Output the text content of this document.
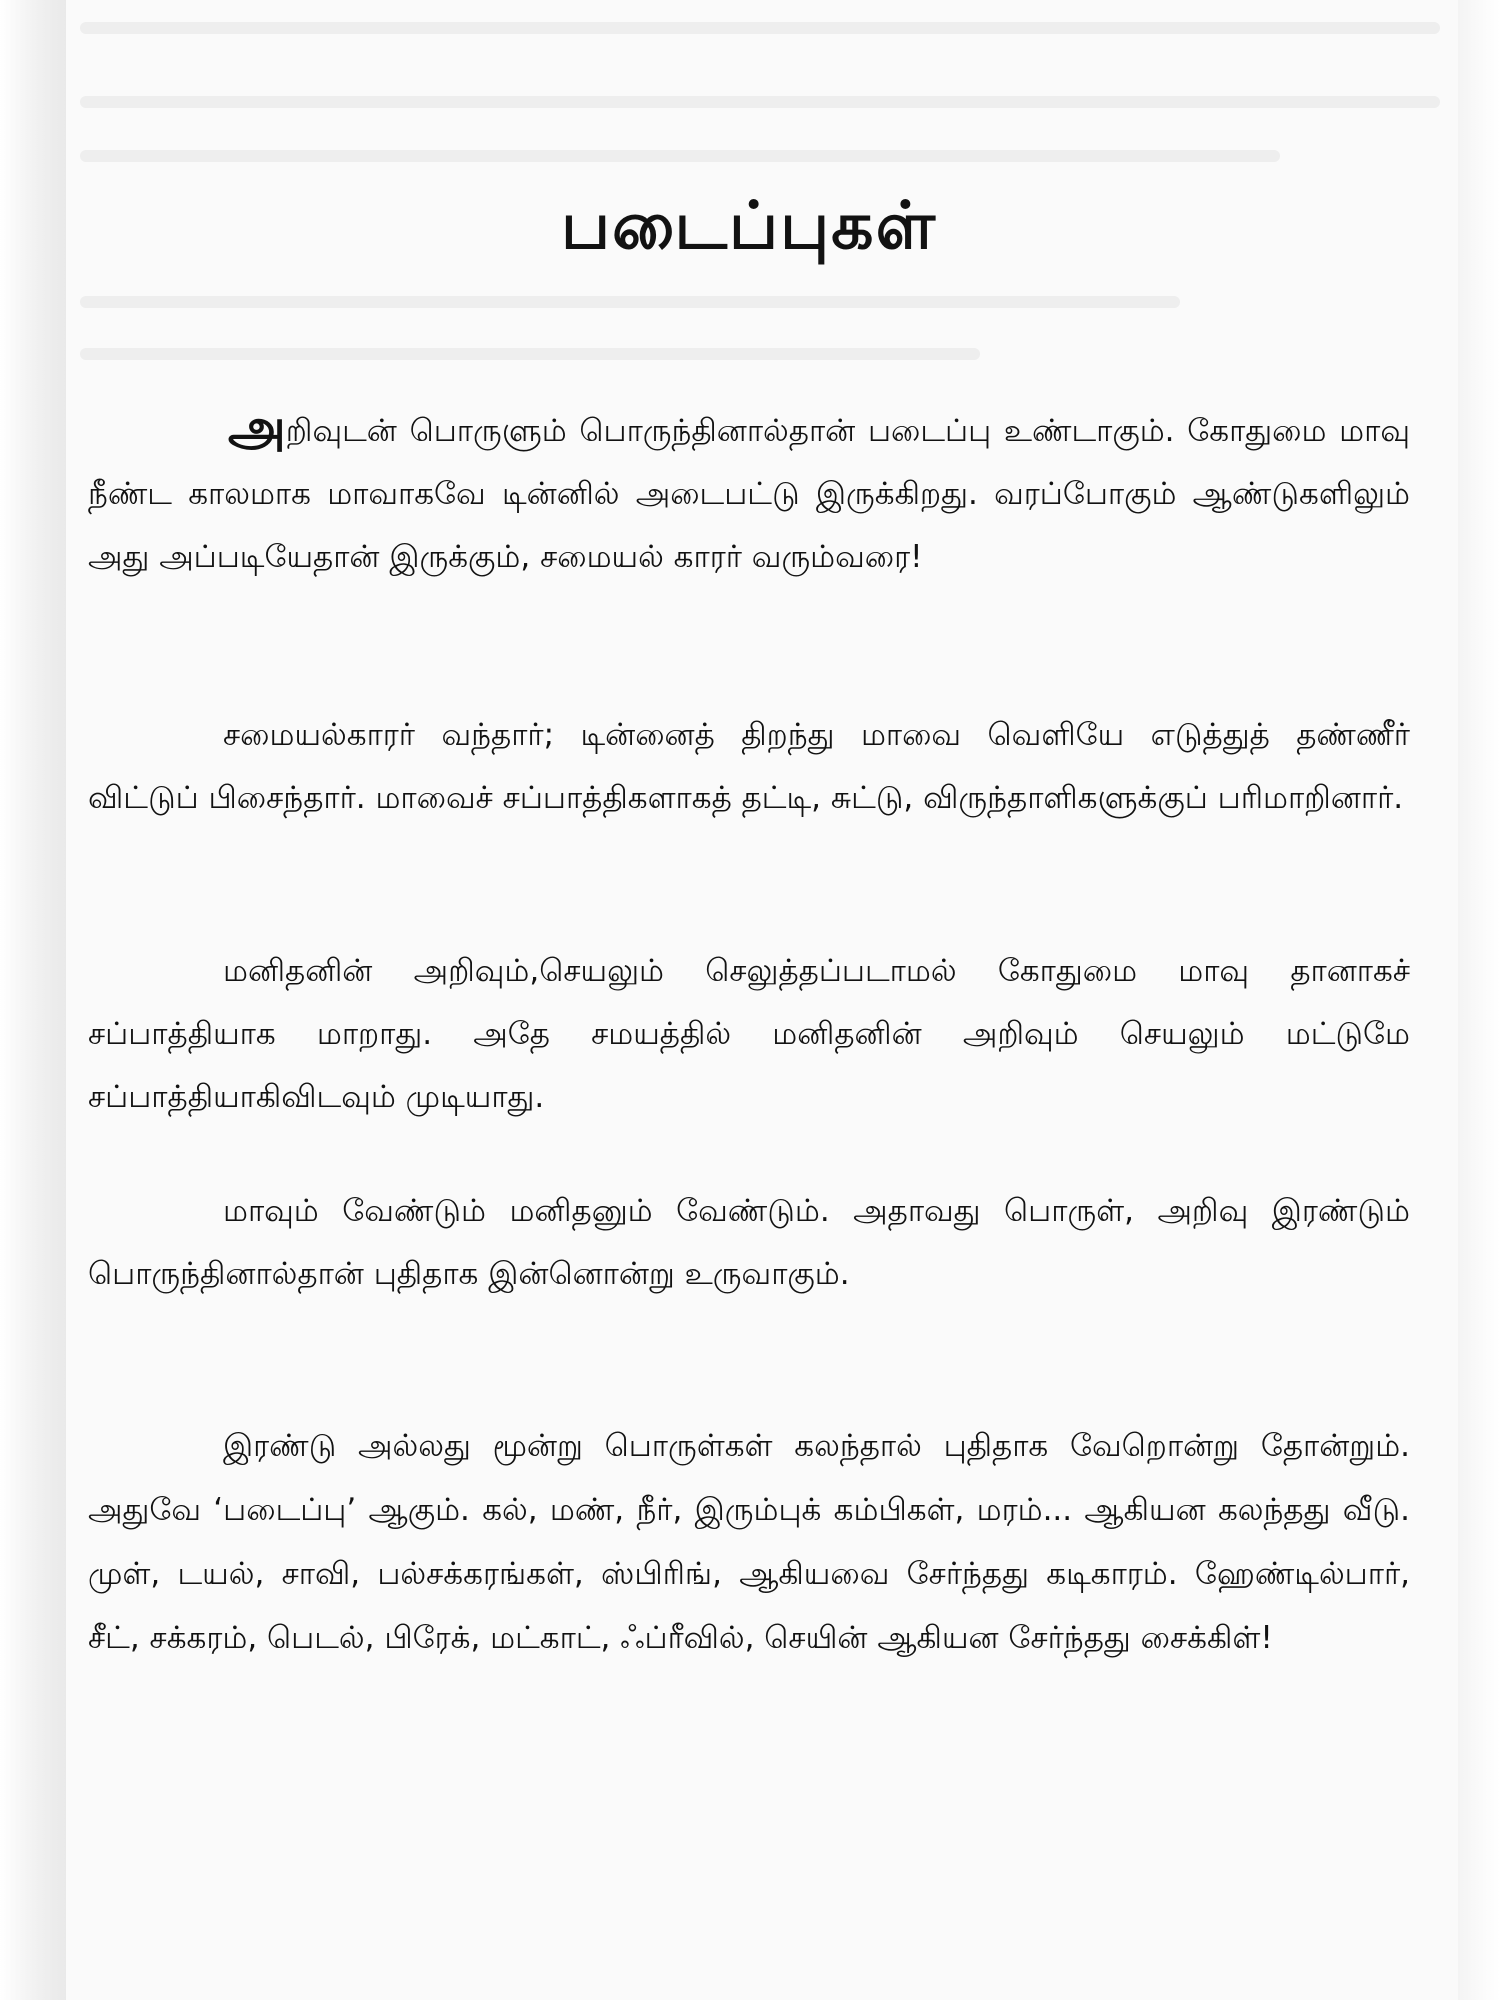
படைப்புகள்

அறிவுடன் பொருளும் பொருந்தினால்தான் படைப்பு உண்டாகும். கோதுமை மாவு நீண்ட காலமாக மாவாகவே டின்னில் அடைபட்டு இருக்கிறது. வரப்போகும் ஆண்டுகளிலும் அது அப்படியேதான் இருக்கும், சமையல் காரர் வரும்வரை!

சமையல்காரர் வந்தார்; டின்னைத் திறந்து மாவை வெளியே எடுத்துத் தண்ணீர் விட்டுப் பிசைந்தார். மாவைச் சப்பாத்திகளாகத் தட்டி, சுட்டு, விருந்தாளிகளுக்குப் பரிமாறினார்.

மனிதனின் அறிவும்,செயலும் செலுத்தப்படாமல் கோதுமை மாவு தானாகச் சப்பாத்தியாக மாறாது. அதே சமயத்தில் மனிதனின் அறிவும் செயலும் மட்டுமே சப்பாத்தியாகிவிடவும் முடியாது.

மாவும் வேண்டும் மனிதனும் வேண்டும். அதாவது பொருள், அறிவு இரண்டும் பொருந்தினால்தான் புதிதாக இன்னொன்று உருவாகும்.

இரண்டு அல்லது மூன்று பொருள்கள் கலந்தால் புதிதாக வேறொன்று தோன்றும். அதுவே ‘படைப்பு’ ஆகும். கல், மண், நீர், இரும்புக் கம்பிகள், மரம்... ஆகியன கலந்தது வீடு. முள், டயல், சாவி, பல்சக்கரங்கள், ஸ்பிரிங், ஆகியவை சேர்ந்தது கடிகாரம். ஹேண்டில்பார், சீட், சக்கரம், பெடல், பிரேக், மட்காட், ஃப்ரீவில், செயின் ஆகியன சேர்ந்தது சைக்கிள்!
